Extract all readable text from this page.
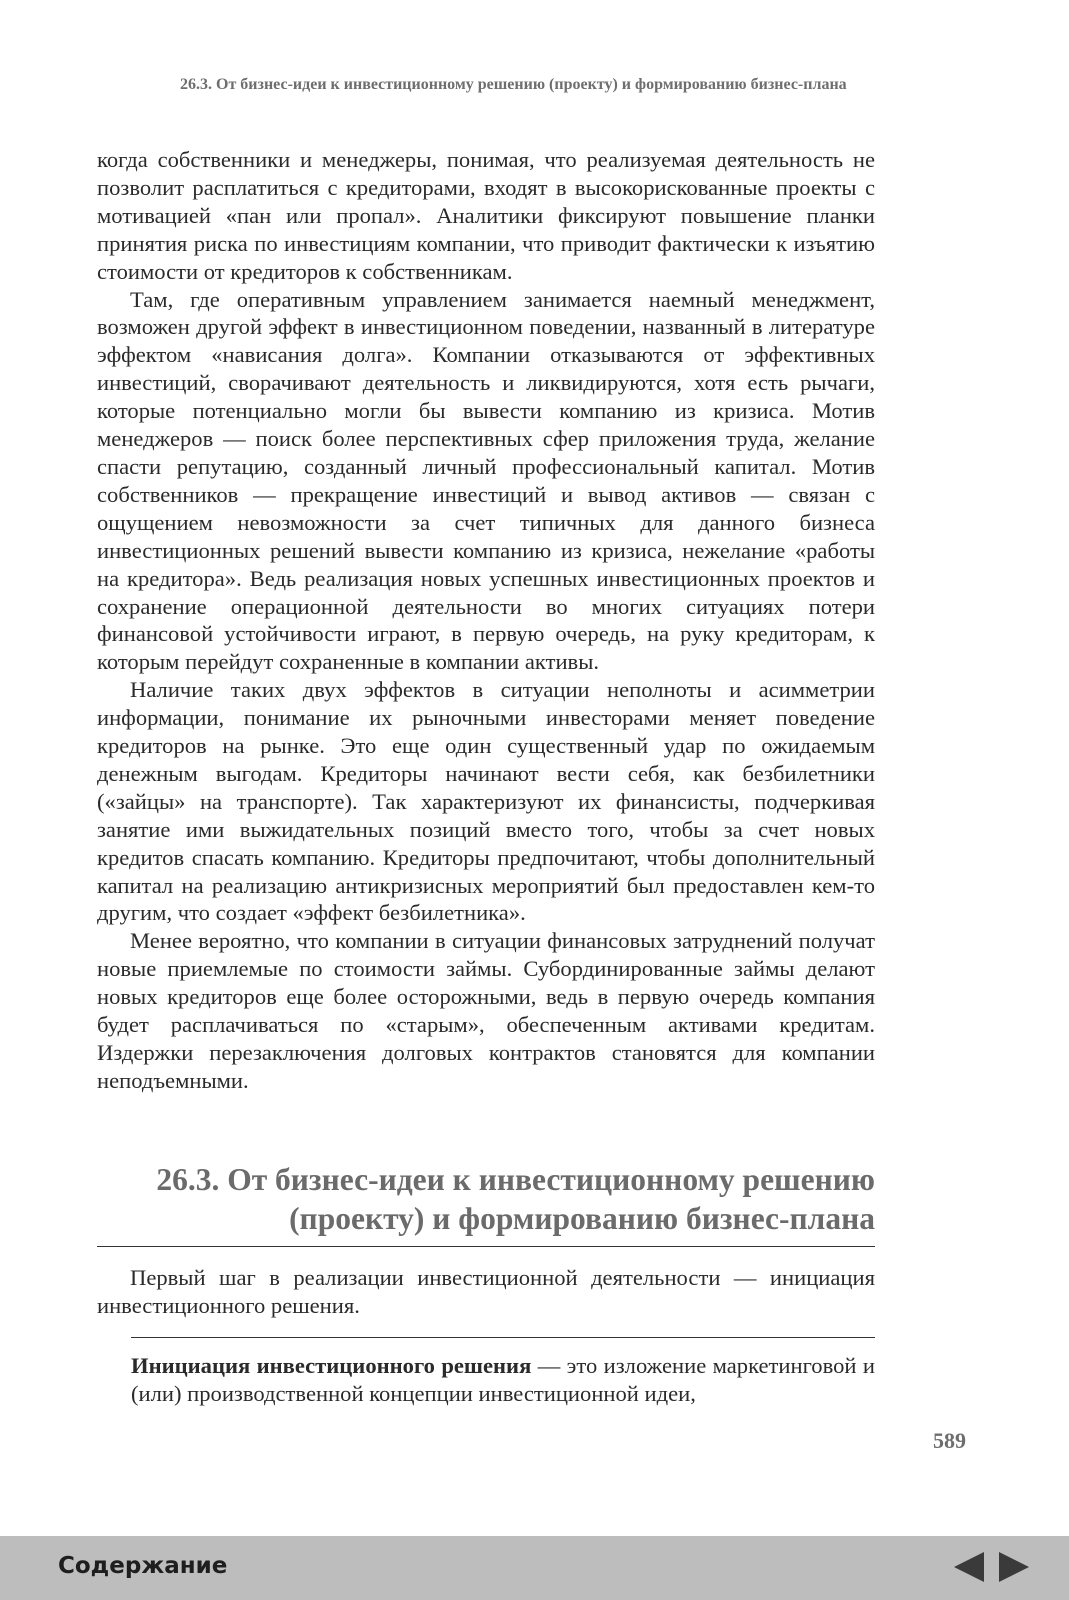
26.3. От бизнес-идеи к инвестиционному решению (проекту) и формированию бизнес-плана

когда собственники и менеджеры, понимая, что реализуемая деятельность не позволит расплатиться с кредиторами, входят в высокорискованные проекты с мотивацией «пан или пропал». Аналитики фиксируют повышение планки принятия риска по инвестициям компании, что приводит фактически к изъятию стоимости от кредиторов к собственникам.

Там, где оперативным управлением занимается наемный менеджмент, возможен другой эффект в инвестиционном поведении, названный в литературе эффектом «нависания долга». Компании отказываются от эффективных инвестиций, сворачивают деятельность и ликвидируются, хотя есть рычаги, которые потенциально могли бы вывести компанию из кризиса. Мотив менеджеров — поиск более перспективных сфер приложения труда, желание спасти репутацию, созданный личный профессиональный капитал. Мотив собственников — прекращение инвестиций и вывод активов — связан с ощущением невозможности за счет типичных для данного бизнеса инвестиционных решений вывести компанию из кризиса, нежелание «работы на кредитора». Ведь реализация новых успешных инвестиционных проектов и сохранение операционной деятельности во многих ситуациях потери финансовой устойчивости играют, в первую очередь, на руку кредиторам, к которым перейдут сохраненные в компании активы.

Наличие таких двух эффектов в ситуации неполноты и асимметрии информации, понимание их рыночными инвесторами меняет поведение кредиторов на рынке. Это еще один существенный удар по ожидаемым денежным выгодам. Кредиторы начинают вести себя, как безбилетники («зайцы» на транспорте). Так характеризуют их финансисты, подчеркивая занятие ими выжидательных позиций вместо того, чтобы за счет новых кредитов спасать компанию. Кредиторы предпочитают, чтобы дополнительный капитал на реализацию антикризисных мероприятий был предоставлен кем-то другим, что создает «эффект безбилетника».

Менее вероятно, что компании в ситуации финансовых затруднений получат новые приемлемые по стоимости займы. Субординированные займы делают новых кредиторов еще более осторожными, ведь в первую очередь компания будет расплачиваться по «старым», обеспеченным активами кредитам. Издержки перезаключения долговых контрактов становятся для компании неподъемными.

26.3. От бизнес-идеи к инвестиционному решению
(проекту) и формированию бизнес-плана

Первый шаг в реализации инвестиционной деятельности — инициация инвестиционного решения.

Инициация инвестиционного решения — это изложение маркетинговой и (или) производственной концепции инвестиционной идеи,

589
Содержание
